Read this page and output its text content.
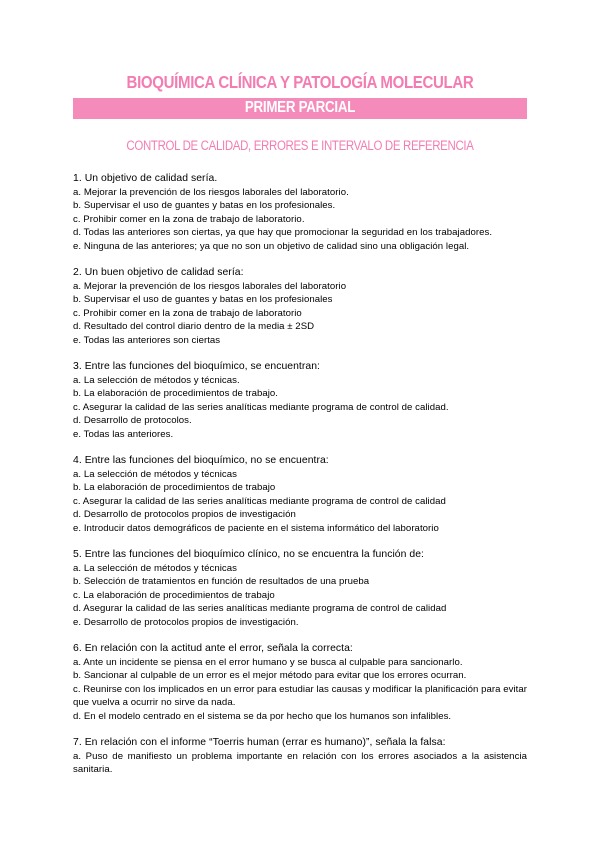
BIOQUÍMICA CLÍNICA Y PATOLOGÍA MOLECULAR
PRIMER PARCIAL
CONTROL DE CALIDAD, ERRORES E INTERVALO DE REFERENCIA
1. Un objetivo de calidad sería.
a. Mejorar la prevención de los riesgos laborales del laboratorio.
b. Supervisar el uso de guantes y batas en los profesionales.
c. Prohibir comer en la zona de trabajo de laboratorio.
d. Todas las anteriores son ciertas, ya que hay que promocionar la seguridad en los trabajadores.
e. Ninguna de las anteriores; ya que no son un objetivo de calidad sino una obligación legal.
2. Un buen objetivo de calidad sería:
a. Mejorar la prevención de los riesgos laborales del laboratorio
b. Supervisar el uso de guantes y batas en los profesionales
c. Prohibir comer en la zona de trabajo de laboratorio
d. Resultado del control diario dentro de la media ± 2SD
e. Todas las anteriores son ciertas
3. Entre las funciones del bioquímico, se encuentran:
a. La selección de métodos y técnicas.
b. La elaboración de procedimientos de trabajo.
c. Asegurar la calidad de las series analíticas mediante programa de control de calidad.
d. Desarrollo de protocolos.
e. Todas las anteriores.
4. Entre las funciones del bioquímico, no se encuentra:
a. La selección de métodos y técnicas
b. La elaboración de procedimientos de trabajo
c. Asegurar la calidad de las series analíticas mediante programa de control de calidad
d. Desarrollo de protocolos propios de investigación
e. Introducir datos demográficos de paciente en el sistema informático del laboratorio
5. Entre las funciones del bioquímico clínico, no se encuentra la función de:
a. La selección de métodos y técnicas
b. Selección de tratamientos en función de resultados de una prueba
c. La elaboración de procedimientos de trabajo
d. Asegurar la calidad de las series analíticas mediante programa de control de calidad
e. Desarrollo de protocolos propios de investigación.
6. En relación con la actitud ante el error, señala la correcta:
a. Ante un incidente se piensa en el error humano y se busca al culpable para sancionarlo.
b. Sancionar al culpable de un error es el mejor método para evitar que los errores ocurran.
c. Reunirse con los implicados en un error para estudiar las causas y modificar la planificación para evitar que vuelva a ocurrir no sirve da nada.
d. En el modelo centrado en el sistema se da por hecho que los humanos son infalibles.
7. En relación con el informe “Toerris human (errar es humano)”, señala la falsa:
a. Puso de manifiesto un problema importante en relación con los errores asociados a la asistencia sanitaria.
